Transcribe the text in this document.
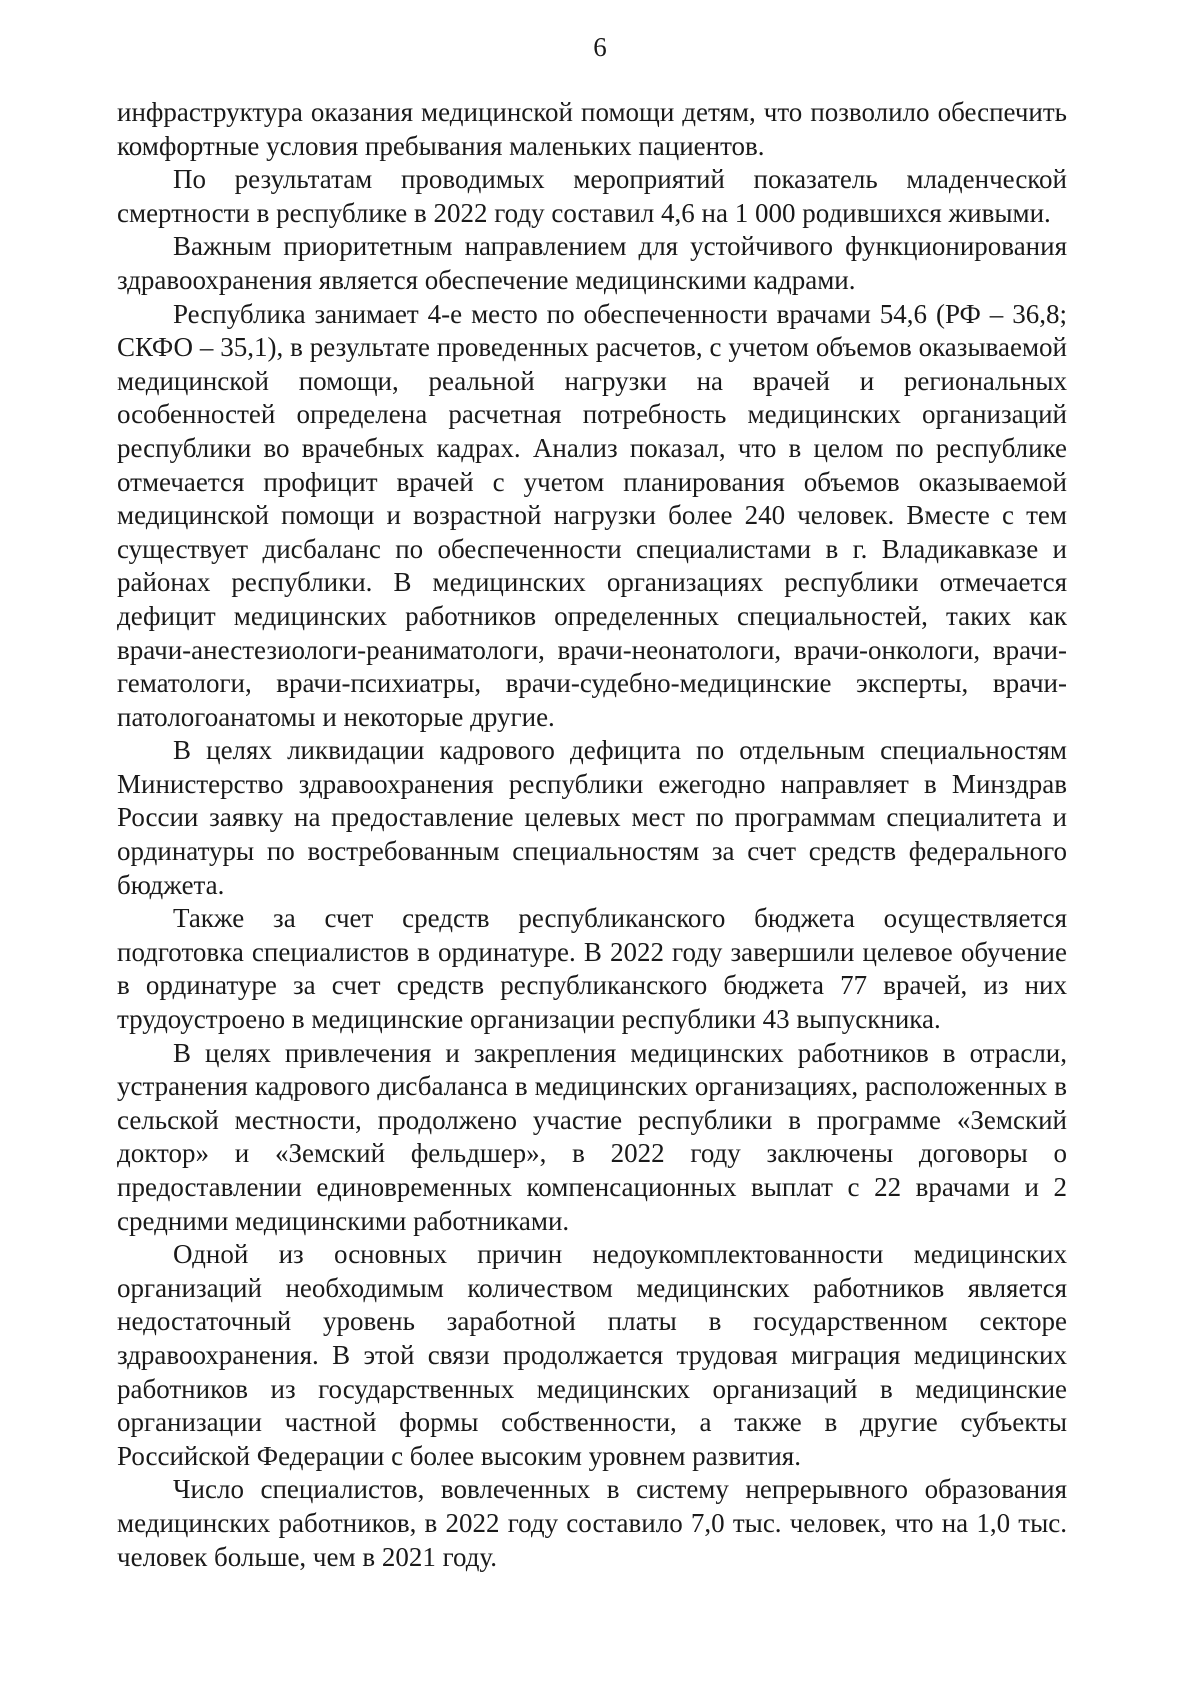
6

инфраструктура оказания медицинской помощи детям, что позволило обеспечить комфортные условия пребывания маленьких пациентов.

По результатам проводимых мероприятий показатель младенческой смертности в республике в 2022 году составил 4,6 на 1 000 родившихся живыми.

Важным приоритетным направлением для устойчивого функционирования здравоохранения является обеспечение медицинскими кадрами.

Республика занимает 4-е место по обеспеченности врачами 54,6 (РФ – 36,8; СКФО – 35,1), в результате проведенных расчетов, с учетом объемов оказываемой медицинской помощи, реальной нагрузки на врачей и региональных особенностей определена расчетная потребность медицинских организаций республики во врачебных кадрах. Анализ показал, что в целом по республике отмечается профицит врачей с учетом планирования объемов оказываемой медицинской помощи и возрастной нагрузки более 240 человек. Вместе с тем существует дисбаланс по обеспеченности специалистами в г. Владикавказе и районах республики. В медицинских организациях республики отмечается дефицит медицинских работников определенных специальностей, таких как врачи-анестезиологи-реаниматологи, врачи-неонатологи, врачи-онкологи, врачи-гематологи, врачи-психиатры, врачи-судебно-медицинские эксперты, врачи-патологоанатомы и некоторые другие.

В целях ликвидации кадрового дефицита по отдельным специальностям Министерство здравоохранения республики ежегодно направляет в Минздрав России заявку на предоставление целевых мест по программам специалитета и ординатуры по востребованным специальностям за счет средств федерального бюджета.

Также за счет средств республиканского бюджета осуществляется подготовка специалистов в ординатуре. В 2022 году завершили целевое обучение в ординатуре за счет средств республиканского бюджета 77 врачей, из них трудоустроено в медицинские организации республики 43 выпускника.

В целях привлечения и закрепления медицинских работников в отрасли, устранения кадрового дисбаланса в медицинских организациях, расположенных в сельской местности, продолжено участие республики в программе «Земский доктор» и «Земский фельдшер», в 2022 году заключены договоры о предоставлении единовременных компенсационных выплат с 22 врачами и 2 средними медицинскими работниками.

Одной из основных причин недоукомплектованности медицинских организаций необходимым количеством медицинских работников является недостаточный уровень заработной платы в государственном секторе здравоохранения. В этой связи продолжается трудовая миграция медицинских работников из государственных медицинских организаций в медицинские организации частной формы собственности, а также в другие субъекты Российской Федерации с более высоким уровнем развития.

Число специалистов, вовлеченных в систему непрерывного образования медицинских работников, в 2022 году составило 7,0 тыс. человек, что на 1,0 тыс. человек больше, чем в 2021 году.
